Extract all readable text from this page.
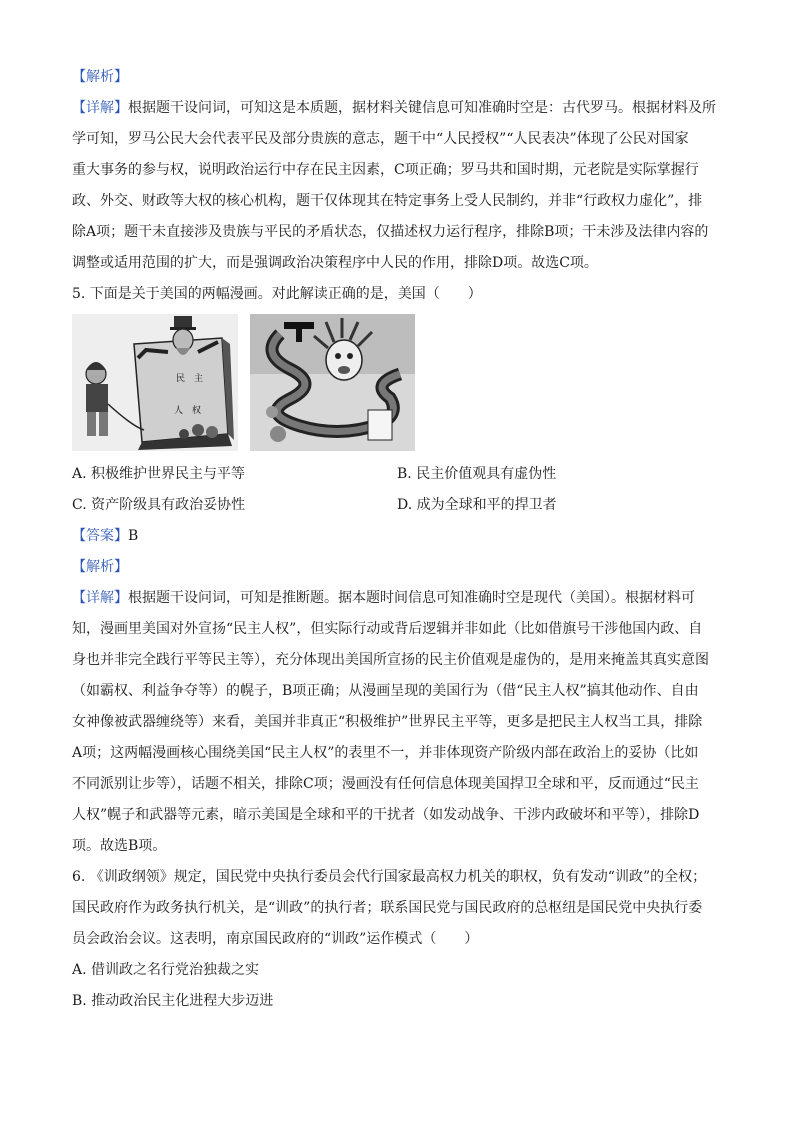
【解析】
【详解】根据题干设问词，可知这是本质题，据材料关键信息可知准确时空是：古代罗马。根据材料及所
学可知，罗马公民大会代表平民及部分贵族的意志，题干中“人民授权”“人民表决”体现了公民对国家
重大事务的参与权，说明政治运行中存在民主因素，C项正确；罗马共和国时期，元老院是实际掌握行
政、外交、财政等大权的核心机构，题干仅体现其在特定事务上受人民制约，并非“行政权力虚化”，排
除A项；题干未直接涉及贵族与平民的矛盾状态，仅描述权力运行程序，排除B项；干未涉及法律内容的
调整或适用范围的扩大，而是强调政治决策程序中人民的作用，排除D项。故选C项。
5. 下面是关于美国的两幅漫画。对此解读正确的是，美国（　　）
民　主
人　权
A. 积极维护世界民主与平等	B. 民主价值观具有虚伪性
C. 资产阶级具有政治妥协性	D. 成为全球和平的捍卫者
【答案】B
【解析】
【详解】根据题干设问词，可知是推断题。据本题时间信息可知准确时空是现代（美国）。根据材料可
知，漫画里美国对外宣扬“民主人权”，但实际行动或背后逻辑并非如此（比如借旗号干涉他国内政、自
身也并非完全践行平等民主等），充分体现出美国所宣扬的民主价值观是虚伪的，是用来掩盖其真实意图
（如霸权、利益争夺等）的幌子，B项正确；从漫画呈现的美国行为（借“民主人权”搞其他动作、自由
女神像被武器缠绕等）来看，美国并非真正“积极维护”世界民主平等，更多是把民主人权当工具，排除
A项；这两幅漫画核心围绕美国“民主人权”的表里不一，并非体现资产阶级内部在政治上的妥协（比如
不同派别让步等），话题不相关，排除C项；漫画没有任何信息体现美国捍卫全球和平，反而通过“民主
人权”幌子和武器等元素，暗示美国是全球和平的干扰者（如发动战争、干涉内政破坏和平等），排除D
项。故选B项。
6. 《训政纲领》规定，国民党中央执行委员会代行国家最高权力机关的职权，负有发动“训政”的全权；
国民政府作为政务执行机关，是“训政”的执行者；联系国民党与国民政府的总枢纽是国民党中央执行委
员会政治会议。这表明，南京国民政府的“训政”运作模式（　　）
A. 借训政之名行党治独裁之实
B. 推动政治民主化进程大步迈进
